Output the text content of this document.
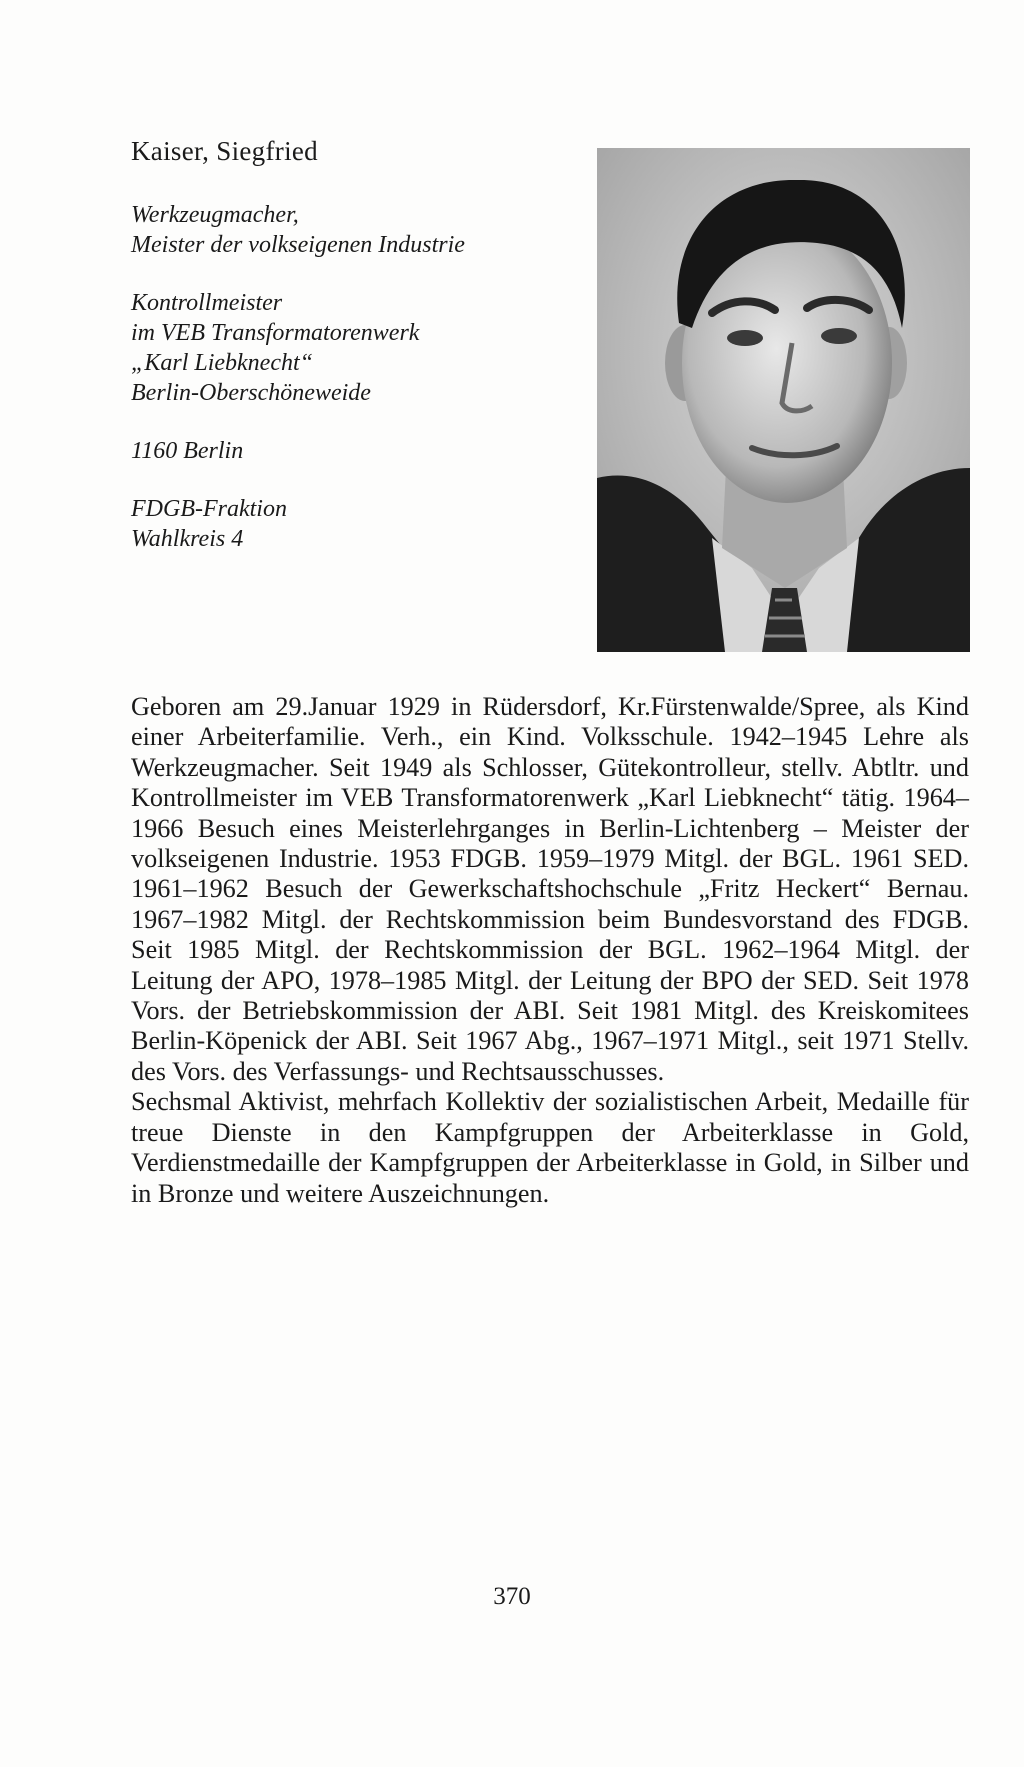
Kaiser, Siegfried
Werkzeugmacher,
Meister der volkseigenen Industrie
Kontrollmeister
im VEB Transformatorenwerk
„Karl Liebknecht“
Berlin-Oberschöneweide
1160 Berlin
FDGB-Fraktion
Wahlkreis 4

Geboren am 29.Januar 1929 in Rüdersdorf, Kr.Fürstenwalde/Spree, als Kind einer Arbeiterfamilie. Verh., ein Kind. Volksschule. 1942–1945 Lehre als Werkzeugmacher. Seit 1949 als Schlosser, Gütekontrolleur, stellv. Abtltr. und Kontrollmeister im VEB Transformatorenwerk „Karl Liebknecht“ tätig. 1964–1966 Besuch eines Meisterlehrganges in Berlin-Lichtenberg – Meister der volkseigenen Industrie. 1953 FDGB. 1959–1979 Mitgl. der BGL. 1961 SED. 1961–1962 Besuch der Gewerkschaftshochschule „Fritz Heckert“ Bernau. 1967–1982 Mitgl. der Rechtskommission beim Bundesvorstand des FDGB. Seit 1985 Mitgl. der Rechtskommission der BGL. 1962–1964 Mitgl. der Leitung der APO, 1978–1985 Mitgl. der Leitung der BPO der SED. Seit 1978 Vors. der Betriebskommission der ABI. Seit 1981 Mitgl. des Kreiskomitees Berlin-Köpenick der ABI. Seit 1967 Abg., 1967–1971 Mitgl., seit 1971 Stellv. des Vors. des Verfassungs- und Rechtsausschusses.

Sechsmal Aktivist, mehrfach Kollektiv der sozialistischen Arbeit, Medaille für treue Dienste in den Kampfgruppen der Arbeiterklasse in Gold, Verdienstmedaille der Kampfgruppen der Arbeiterklasse in Gold, in Silber und in Bronze und weitere Auszeichnungen.

370
